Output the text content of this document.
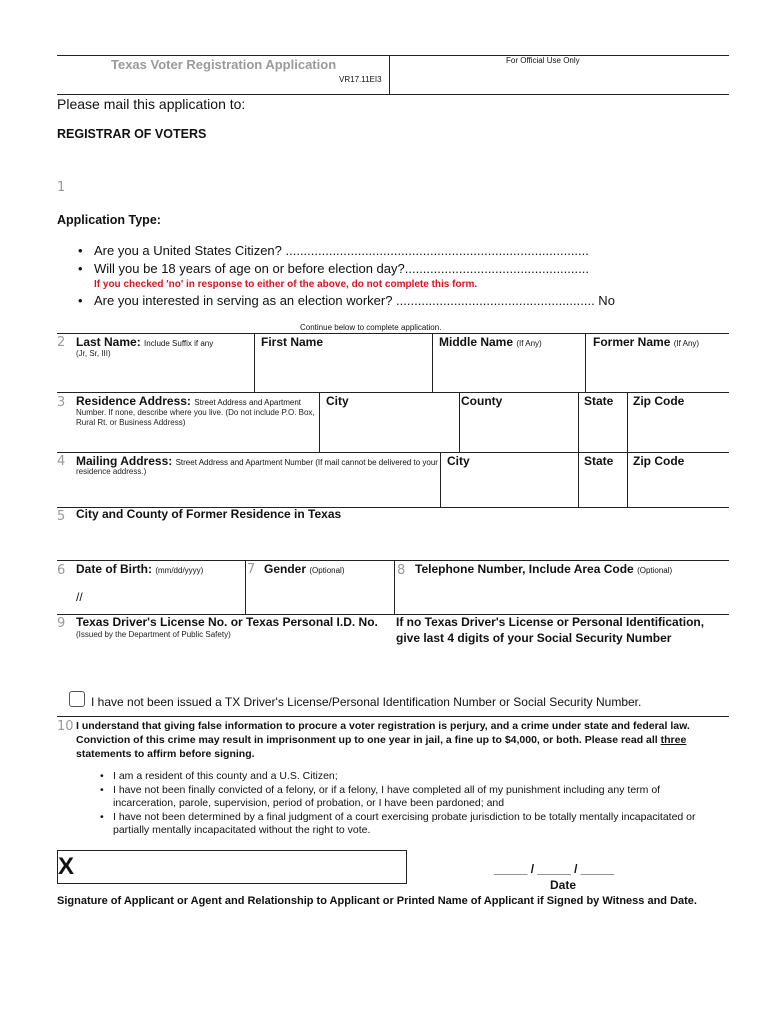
Texas Voter Registration Application
VR17.11EI3
For Official Use Only
Please mail this application to:
REGISTRAR OF VOTERS
1
Application Type:
• Are you a United States Citizen? ....................................................................................
• Will you be 18 years of age on or before election day?...................................................
• Are you interested in serving as an election worker? ....................................................... No
If you checked 'no' in response to either of the above, do not complete this form.
Continue below to complete application.
2 Last Name: Include Suffix if any
(Jr, Sr, III)
First Name	Middle Name (If Any)	Former Name (If Any)
3 Residence Address: Street Address and Apartment
Number. If none, describe where you live. (Do not include P.O. Box, Rural Rt. or Business Address)
City	County	State Zip Code
4 Mailing Address: Street Address and Apartment Number (If mail cannot be delivered to your
residence address.)
City	State Zip Code
5 City and County of Former Residence in Texas
6 Date of Birth: (mm/dd/yyyy)
//
7 Gender (Optional)	8 Telephone Number, Include Area Code (Optional)
9 Texas Driver's License No. or Texas Personal I.D. No.
(Issued by the Department of Public Safety)
If no Texas Driver's License or Personal Identification,
give last 4 digits of your Social Security Number
I have not been issued a TX Driver's License/Personal Identification Number or Social Security Number.
10 I understand that giving false information to procure a voter registration is perjury, and a crime under state and federal law. Conviction of this crime may result in imprisonment up to one year in jail, a fine up to $4,000, or both. Please read all three statements to affirm before signing.
• I am a resident of this county and a U.S. Citizen;
• I have not been finally convicted of a felony, or if a felony, I have completed all of my punishment including any term of incarceration, parole, supervision, period of probation, or I have been pardoned; and
• I have not been determined by a final judgment of a court exercising probate jurisdiction to be totally mentally incapacitated or partially mentally incapacitated without the right to vote.
X	_____ / _____ / _____
Date
Signature of Applicant or Agent and Relationship to Applicant or Printed Name of Applicant if Signed by Witness and Date.
